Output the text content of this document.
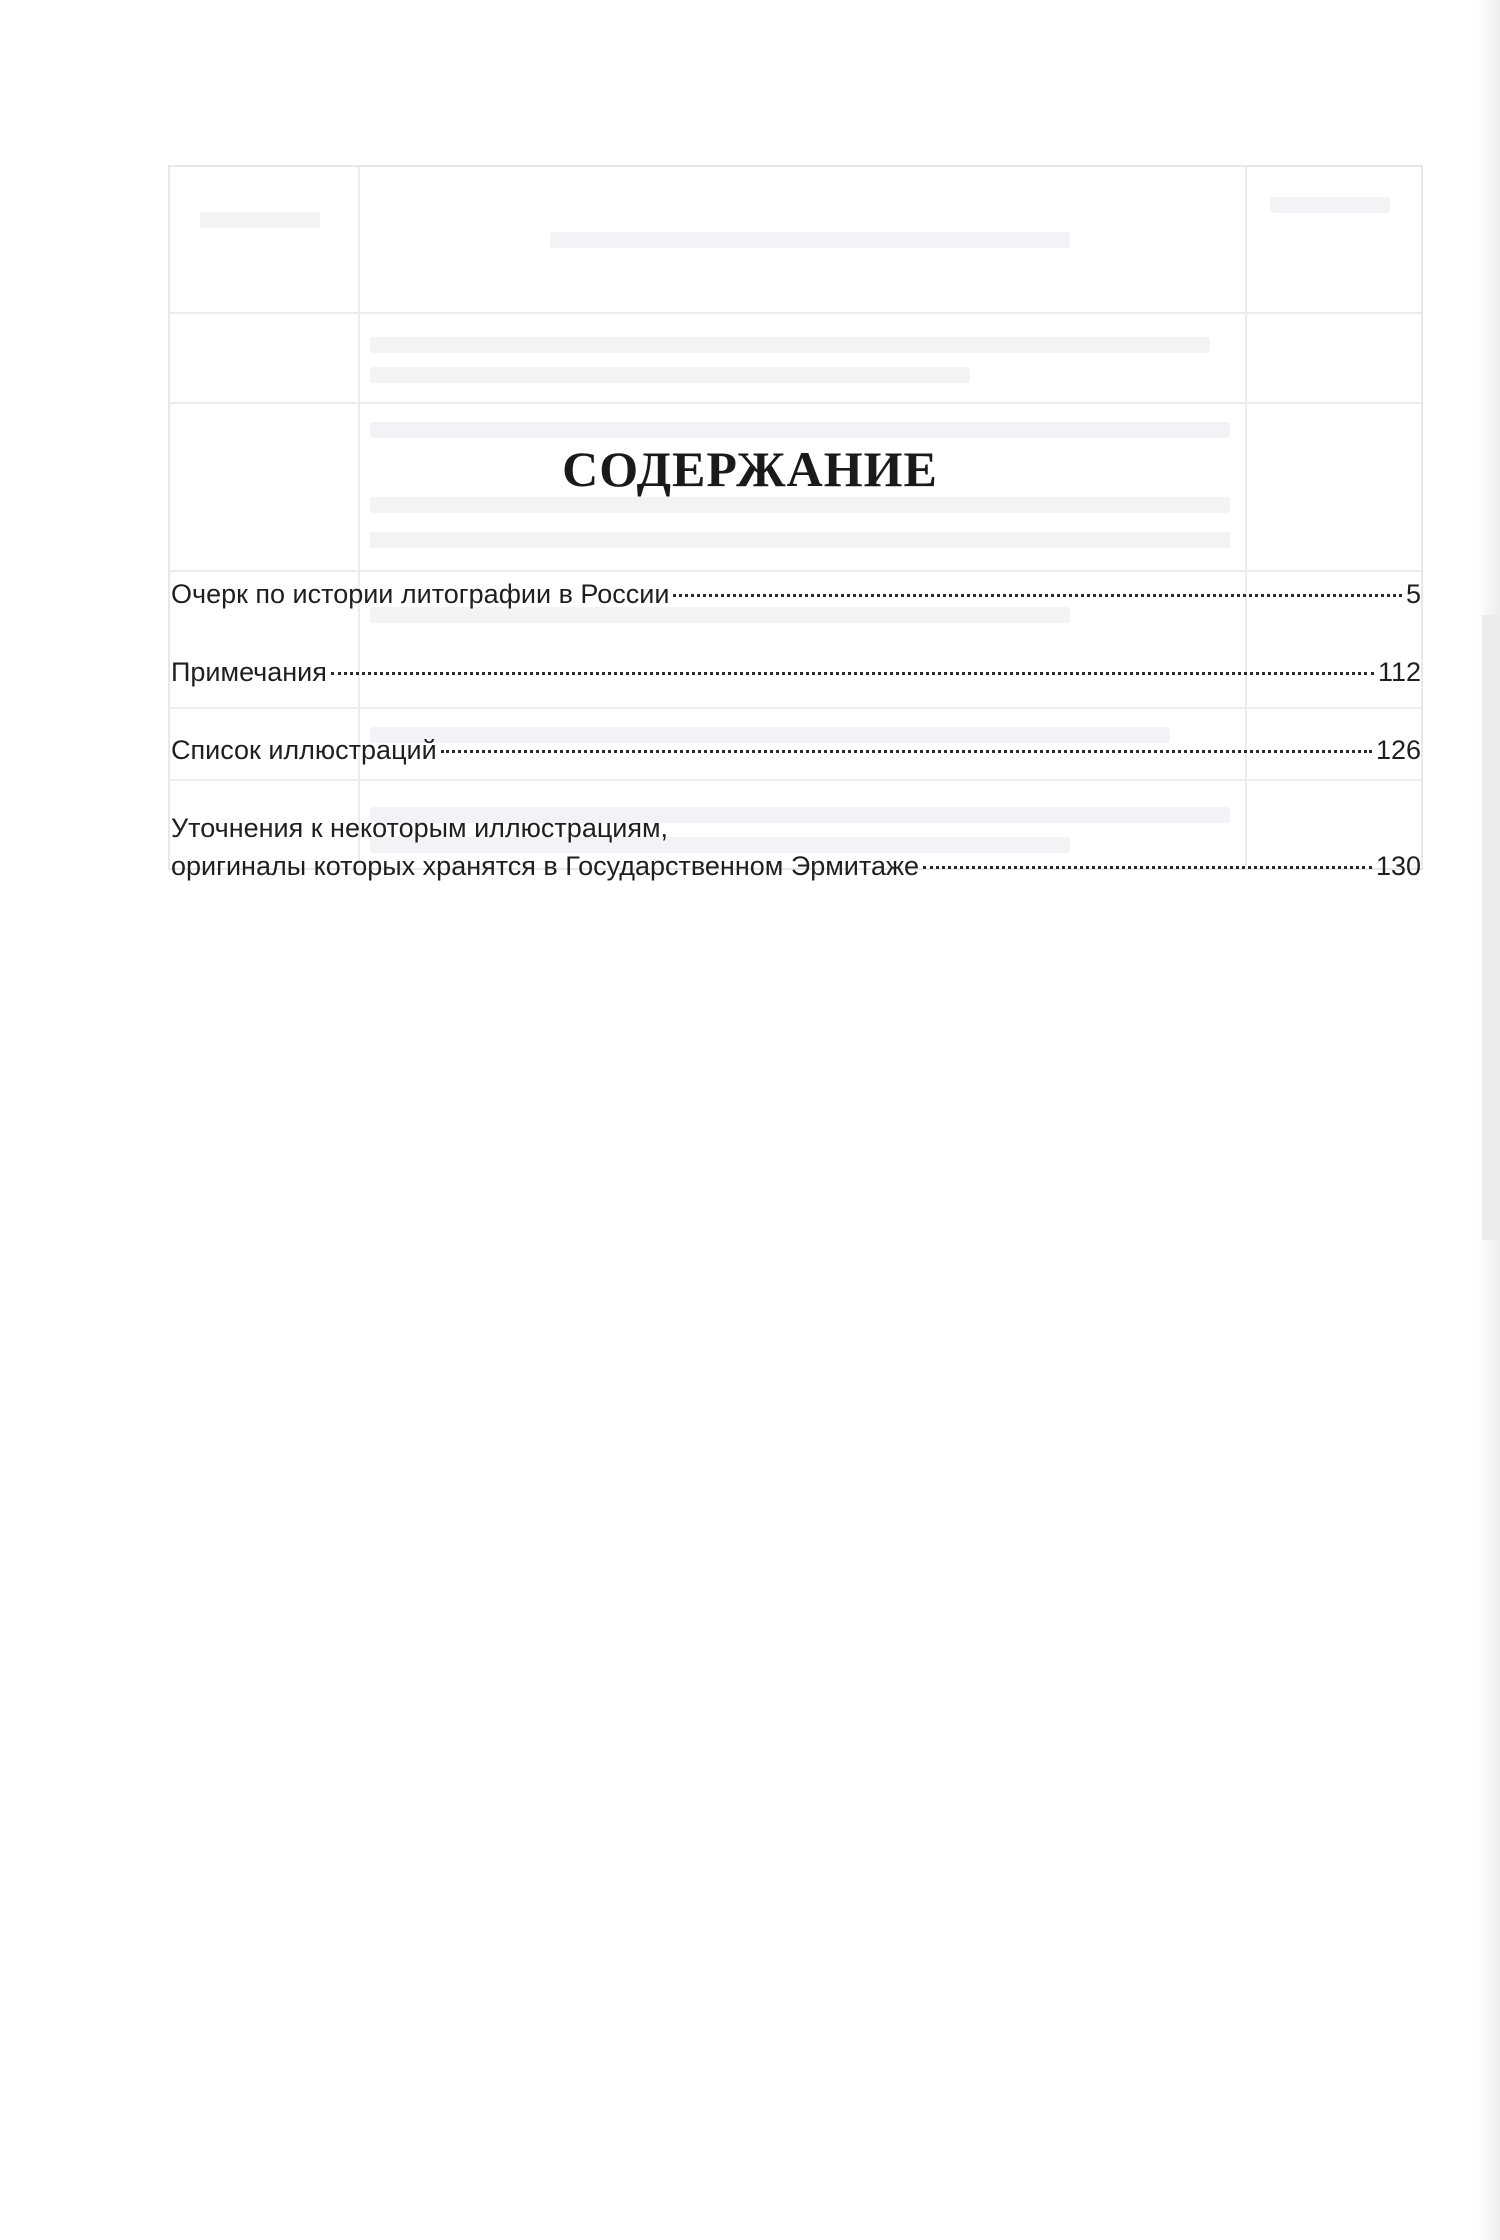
СОДЕРЖАНИЕ
Очерк по истории литографии в России	5
Примечания	112
Список иллюстраций	126
Уточнения к некоторым иллюстрациям,
оригиналы которых хранятся в Государственном Эрмитаже	130
